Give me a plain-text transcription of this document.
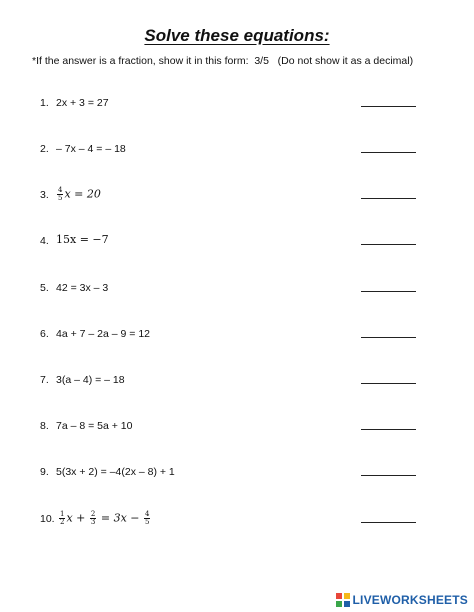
Solve these equations:
*If the answer is a fraction, show it in this form:  3/5   (Do not show it as a decimal)
1. 2x + 3 = 27
2. – 7x – 4 = – 18
3. $\frac{4}{5}$ x = 20
4. 15x = −7
5. 42 = 3x – 3
6. 4a + 7 – 2a – 9 = 12
7. 3(a – 4) = – 18
8. 7a – 8 = 5a + 10
9. 5(3x + 2) = –4(2x – 8) + 1
10. $\frac{1}{2}$ $x + \frac{2}{3} = 3x - \frac{4}{5}$
LIVEWORKSHEETS
